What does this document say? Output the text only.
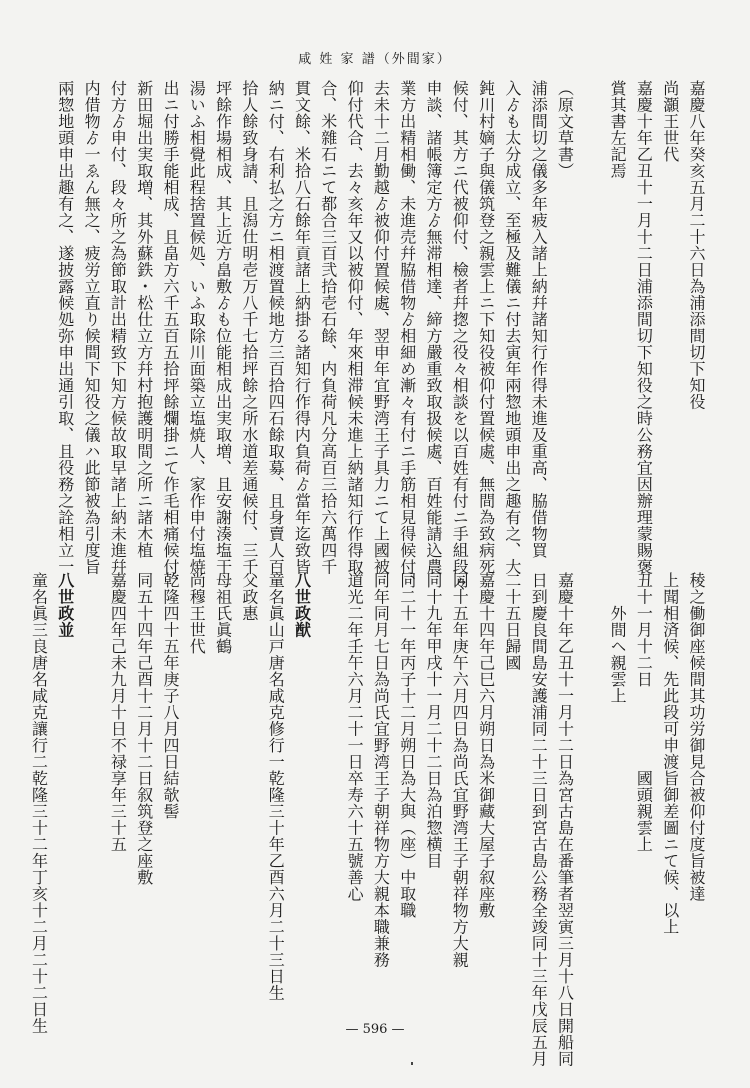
咸 姓 家 譜（外間家）
嘉慶八年癸亥五月二十六日為浦添間切下知役
尚灝王世代
嘉慶十年乙丑十一月十二日浦添間切下知役之時公務宜因辦理蒙賜褒
賞其書左記焉
（原文草書）
浦添間切之儀多年疲入諸上納幷諸知行作得未進及重高、脇借物買
入ゟも太分成立、至極及難儀ニ付去寅年兩惣地頭申出之趣有之、大
鈍川村嫡子與儀筑登之親雲上ニ下知役被仰付置候處、無間為致病死
候付、其方ニ代被仰付、檢者幷揔之役々相談を以百姓有付ニ手組段々
申談、諸帳簿定方ゟ無滞相達、締方嚴重致取扱候處、百姓能請込農
業方出精相働、未進売幷脇借物ゟ相細め漸々有付ニ手筋相見得候付、
去未十二月勤越ゟ被仰付置候處、翌申年宜野湾王子具力ニて上國被
仰付代合、去々亥年又以被仰付、年來相滞候未進上納諸知行作得取
合、米雜石ニて都合三百弐拾壱石餘、内負荷凡分高百三拾六萬四千
貫文餘、米拾八石餘年貢諸上納掛る諸知行作得内負荷ゟ當年迄致皆
納ニ付、右利払之方ニ相渡置候地方三百拾四石餘取募、且身賣人百
拾人餘致身請、且潟仕明壱万八千七拾坪餘之所水道差通候付、三千
坪餘作場相成、其上近方畠敷ゟも位能相成出実取増、且安謝湊塩干
湯いふ相覺此程捨置候処、いふ取除川面築立塩焼人、家作申付塩焼
出ニ付勝手能相成、且畠方六千五百五拾坪餘爛掛ニて作毛相痛候付、
新田堀出実取増、其外蘇鉄・松仕立方幷村抱護明間之所ニ諸木植
付方ゟ申付、段々所之為節取計出精致下知方候故取早諸上納未進幷
内借物ゟ一ゑん無之、疲労立直り候間下知役之儀ハ此節被為引度旨
兩惣地頭申出趣有之、遂披露候処弥申出通引取、且役務之詮相立一
稜之働御座候間其功労御見合被仰付度旨被達
上聞相済候、先此段可申渡旨御差圖ニて候、以上
丑十一月十二日　　　　　國頭親雲上
　　外間ヘ親雲上
嘉慶十年乙丑十一月十二日為宮古島在番筆者翌寅三月十八日開船同
日到慶良間島安護浦同二十三日到宮古島公務全竣同十三年戊辰五月
二十五日歸國
嘉慶十四年己巳六月朔日為米御藏大屋子叙座敷
同十五年庚午六月四日為尚氏宜野湾王子朝祥物方大親
同十九年甲戌十一月二十二日為泊惣横目
同二十一年丙子十二月朔日為大與（座）中取職
同年同月七日為尚氏宜野湾王子朝祥物方大親本職兼務
道光二年壬午六月二十一日卒寿六十五號善心
八世政猷
童名眞山戸唐名咸克修行一乾隆三十年乙酉六月二十三日生
父政惠
母祖氏眞鶴
尚穆王世代
乾隆四十五年庚子八月四日結欹髻
同五十四年己酉十二月十二日叙筑登之座敷
嘉慶四年己未九月十日不禄享年三十五
八世政並
童名眞三良唐名咸克讓行二乾隆三十二年丁亥十二月二十二日生	— 596 —
